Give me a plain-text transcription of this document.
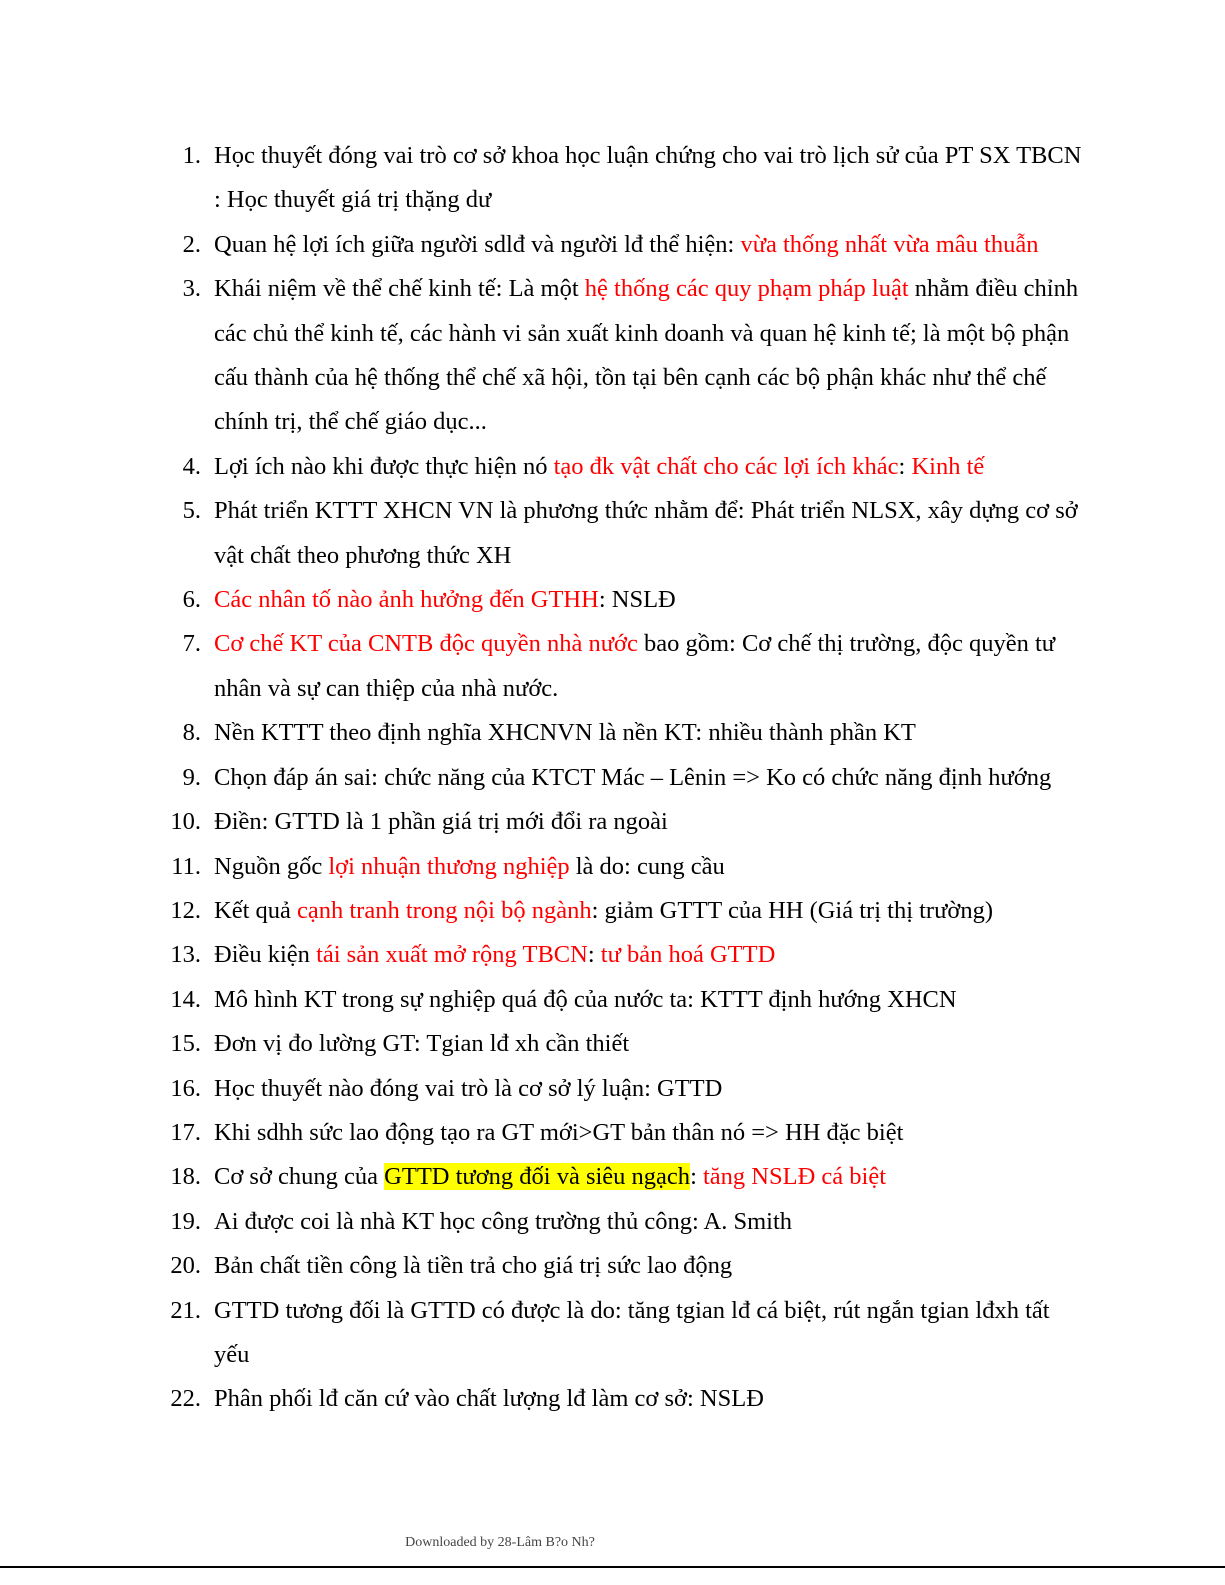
1. Học thuyết đóng vai trò cơ sở khoa học luận chứng cho vai trò lịch sử của PT SX TBCN : Học thuyết giá trị thặng dư
2. Quan hệ lợi ích giữa người sdlđ và người lđ thể hiện: vừa thống nhất vừa mâu thuẫn
3. Khái niệm về thể chế kinh tế: Là một hệ thống các quy phạm pháp luật nhằm điều chỉnh các chủ thể kinh tế, các hành vi sản xuất kinh doanh và quan hệ kinh tế; là một bộ phận cấu thành của hệ thống thể chế xã hội, tồn tại bên cạnh các bộ phận khác như thể chế chính trị, thể chế giáo dục...
4. Lợi ích nào khi được thực hiện nó tạo đk vật chất cho các lợi ích khác: Kinh tế
5. Phát triển KTTT XHCN VN là phương thức nhằm để: Phát triển NLSX, xây dựng cơ sở vật chất theo phương thức XH
6. Các nhân tố nào ảnh hưởng đến GTHH: NSLĐ
7. Cơ chế KT của CNTB độc quyền nhà nước bao gồm: Cơ chế thị trường, độc quyền tư nhân và sự can thiệp của nhà nước.
8. Nền KTTT theo định nghĩa XHCNVN là nền KT: nhiều thành phần KT
9. Chọn đáp án sai: chức năng của KTCT Mác – Lênin => Ko có chức năng định hướng
10. Điền: GTTD là 1 phần giá trị mới đổi ra ngoài
11. Nguồn gốc lợi nhuận thương nghiệp là do: cung cầu
12. Kết quả cạnh tranh trong nội bộ ngành: giảm GTTT của HH (Giá trị thị trường)
13. Điều kiện tái sản xuất mở rộng TBCN: tư bản hoá GTTD
14. Mô hình KT trong sự nghiệp quá độ của nước ta: KTTT định hướng XHCN
15. Đơn vị đo lường GT: Tgian lđ xh cần thiết
16. Học thuyết nào đóng vai trò là cơ sở lý luận: GTTD
17. Khi sdhh sức lao động tạo ra GT mới>GT bản thân nó => HH đặc biệt
18. Cơ sở chung của GTTD tương đối và siêu ngạch: tăng NSLĐ cá biệt
19. Ai được coi là nhà KT học công trường thủ công: A. Smith
20. Bản chất tiền công là tiền trả cho giá trị sức lao động
21. GTTD tương đối là GTTD có được là do: tăng tgian lđ cá biệt, rút ngắn tgian lđxh tất yếu
22. Phân phối lđ căn cứ vào chất lượng lđ làm cơ sở: NSLĐ
Downloaded by 28-Lâm B?o Nh?
